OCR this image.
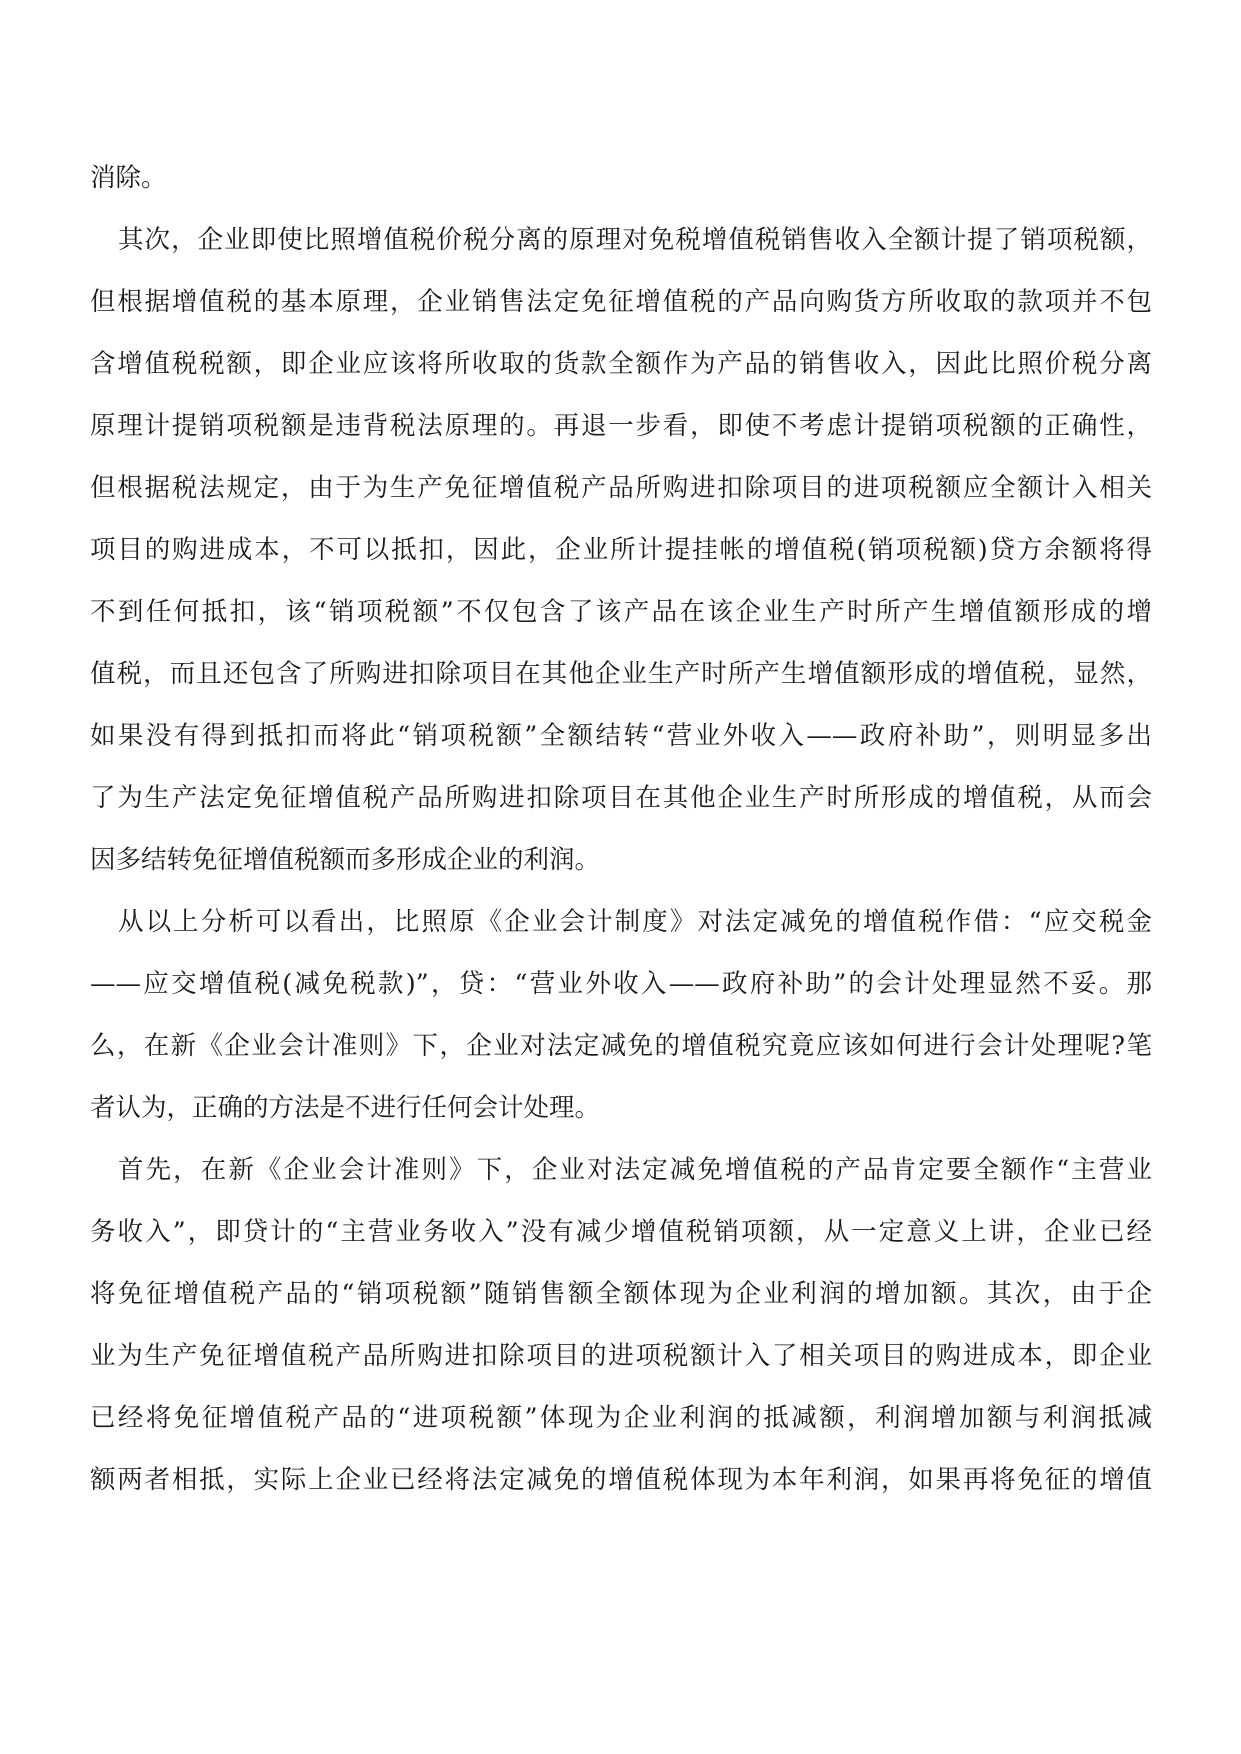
消除。
其次，企业即使比照增值税价税分离的原理对免税增值税销售收入全额计提了销项税额，
但根据增值税的基本原理，企业销售法定免征增值税的产品向购货方所收取的款项并不包
含增值税税额，即企业应该将所收取的货款全额作为产品的销售收入，因此比照价税分离
原理计提销项税额是违背税法原理的。再退一步看，即使不考虑计提销项税额的正确性，
但根据税法规定，由于为生产免征增值税产品所购进扣除项目的进项税额应全额计入相关
项目的购进成本，不可以抵扣，因此，企业所计提挂帐的增值税(销项税额)贷方余额将得
不到任何抵扣，该“销项税额”不仅包含了该产品在该企业生产时所产生增值额形成的增
值税，而且还包含了所购进扣除项目在其他企业生产时所产生增值额形成的增值税，显然，
如果没有得到抵扣而将此“销项税额”全额结转“营业外收入——政府补助”，则明显多出
了为生产法定免征增值税产品所购进扣除项目在其他企业生产时所形成的增值税，从而会
因多结转免征增值税额而多形成企业的利润。
从以上分析可以看出，比照原《企业会计制度》对法定减免的增值税作借：“应交税金
——应交增值税(减免税款)”，贷：“营业外收入——政府补助”的会计处理显然不妥。那
么，在新《企业会计准则》下，企业对法定减免的增值税究竟应该如何进行会计处理呢?笔
者认为，正确的方法是不进行任何会计处理。
首先，在新《企业会计准则》下，企业对法定减免增值税的产品肯定要全额作“主营业
务收入”，即贷计的“主营业务收入”没有减少增值税销项额，从一定意义上讲，企业已经
将免征增值税产品的“销项税额”随销售额全额体现为企业利润的增加额。其次，由于企
业为生产免征增值税产品所购进扣除项目的进项税额计入了相关项目的购进成本，即企业
已经将免征增值税产品的“进项税额”体现为企业利润的抵减额，利润增加额与利润抵减
额两者相抵，实际上企业已经将法定减免的增值税体现为本年利润，如果再将免征的增值
